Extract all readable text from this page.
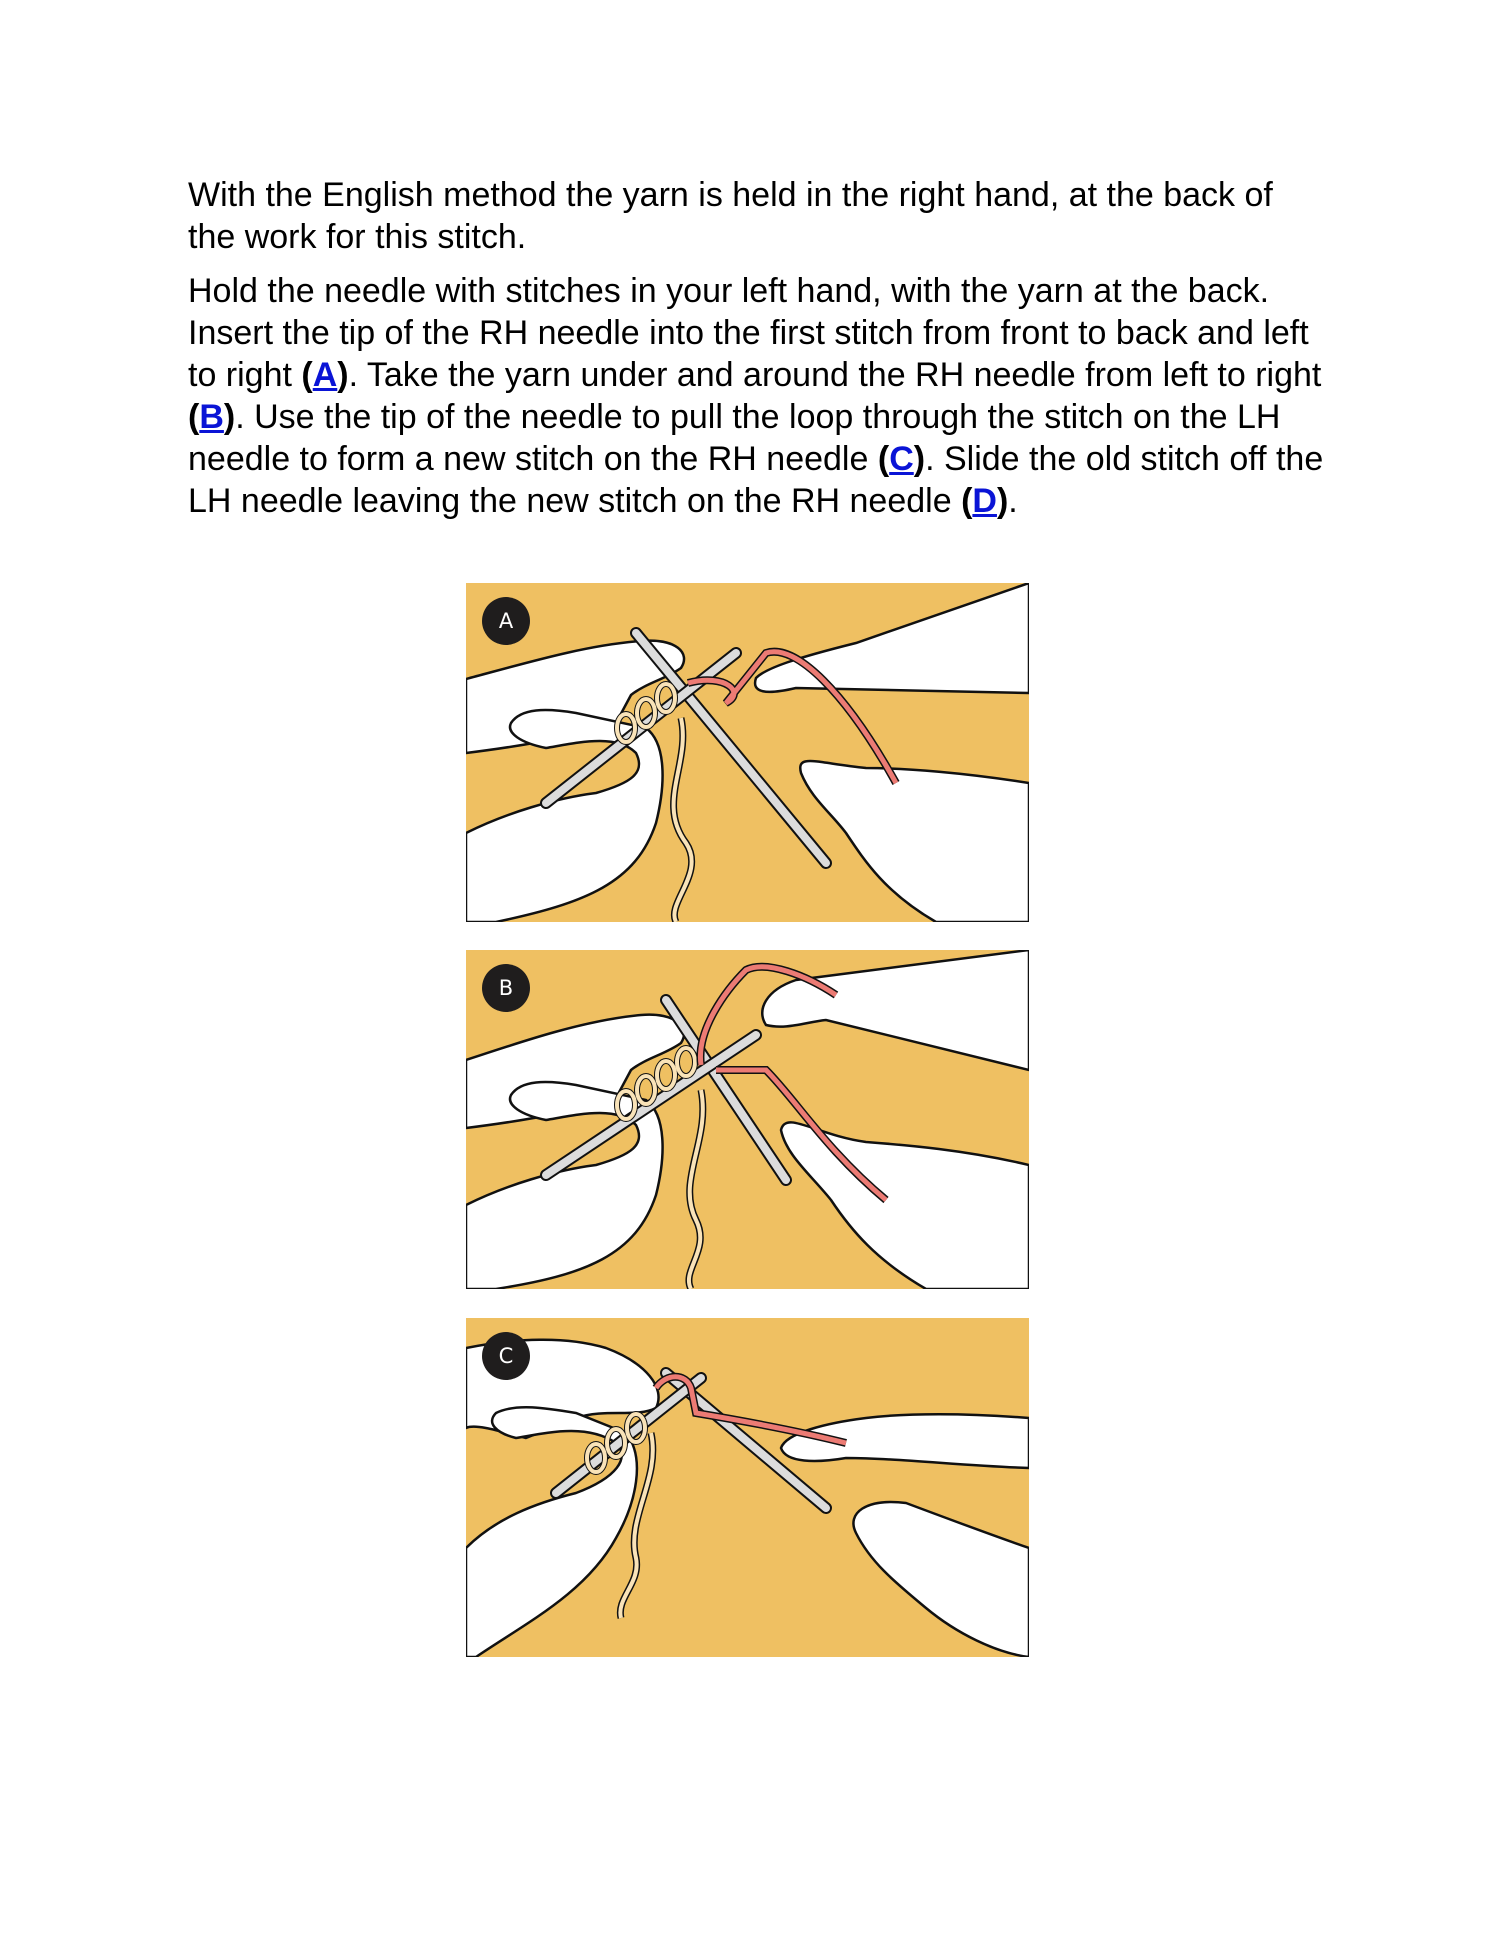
With the English method the yarn is held in the right hand, at the back of the work for this stitch.

Hold the needle with stitches in your left hand, with the yarn at the back. Insert the tip of the RH needle into the first stitch from front to back and left to right (A). Take the yarn under and around the RH needle from left to right (B). Use the tip of the needle to pull the loop through the stitch on the LH needle to form a new stitch on the RH needle (C). Slide the old stitch off the LH needle leaving the new stitch on the RH needle (D).

A
B
C
